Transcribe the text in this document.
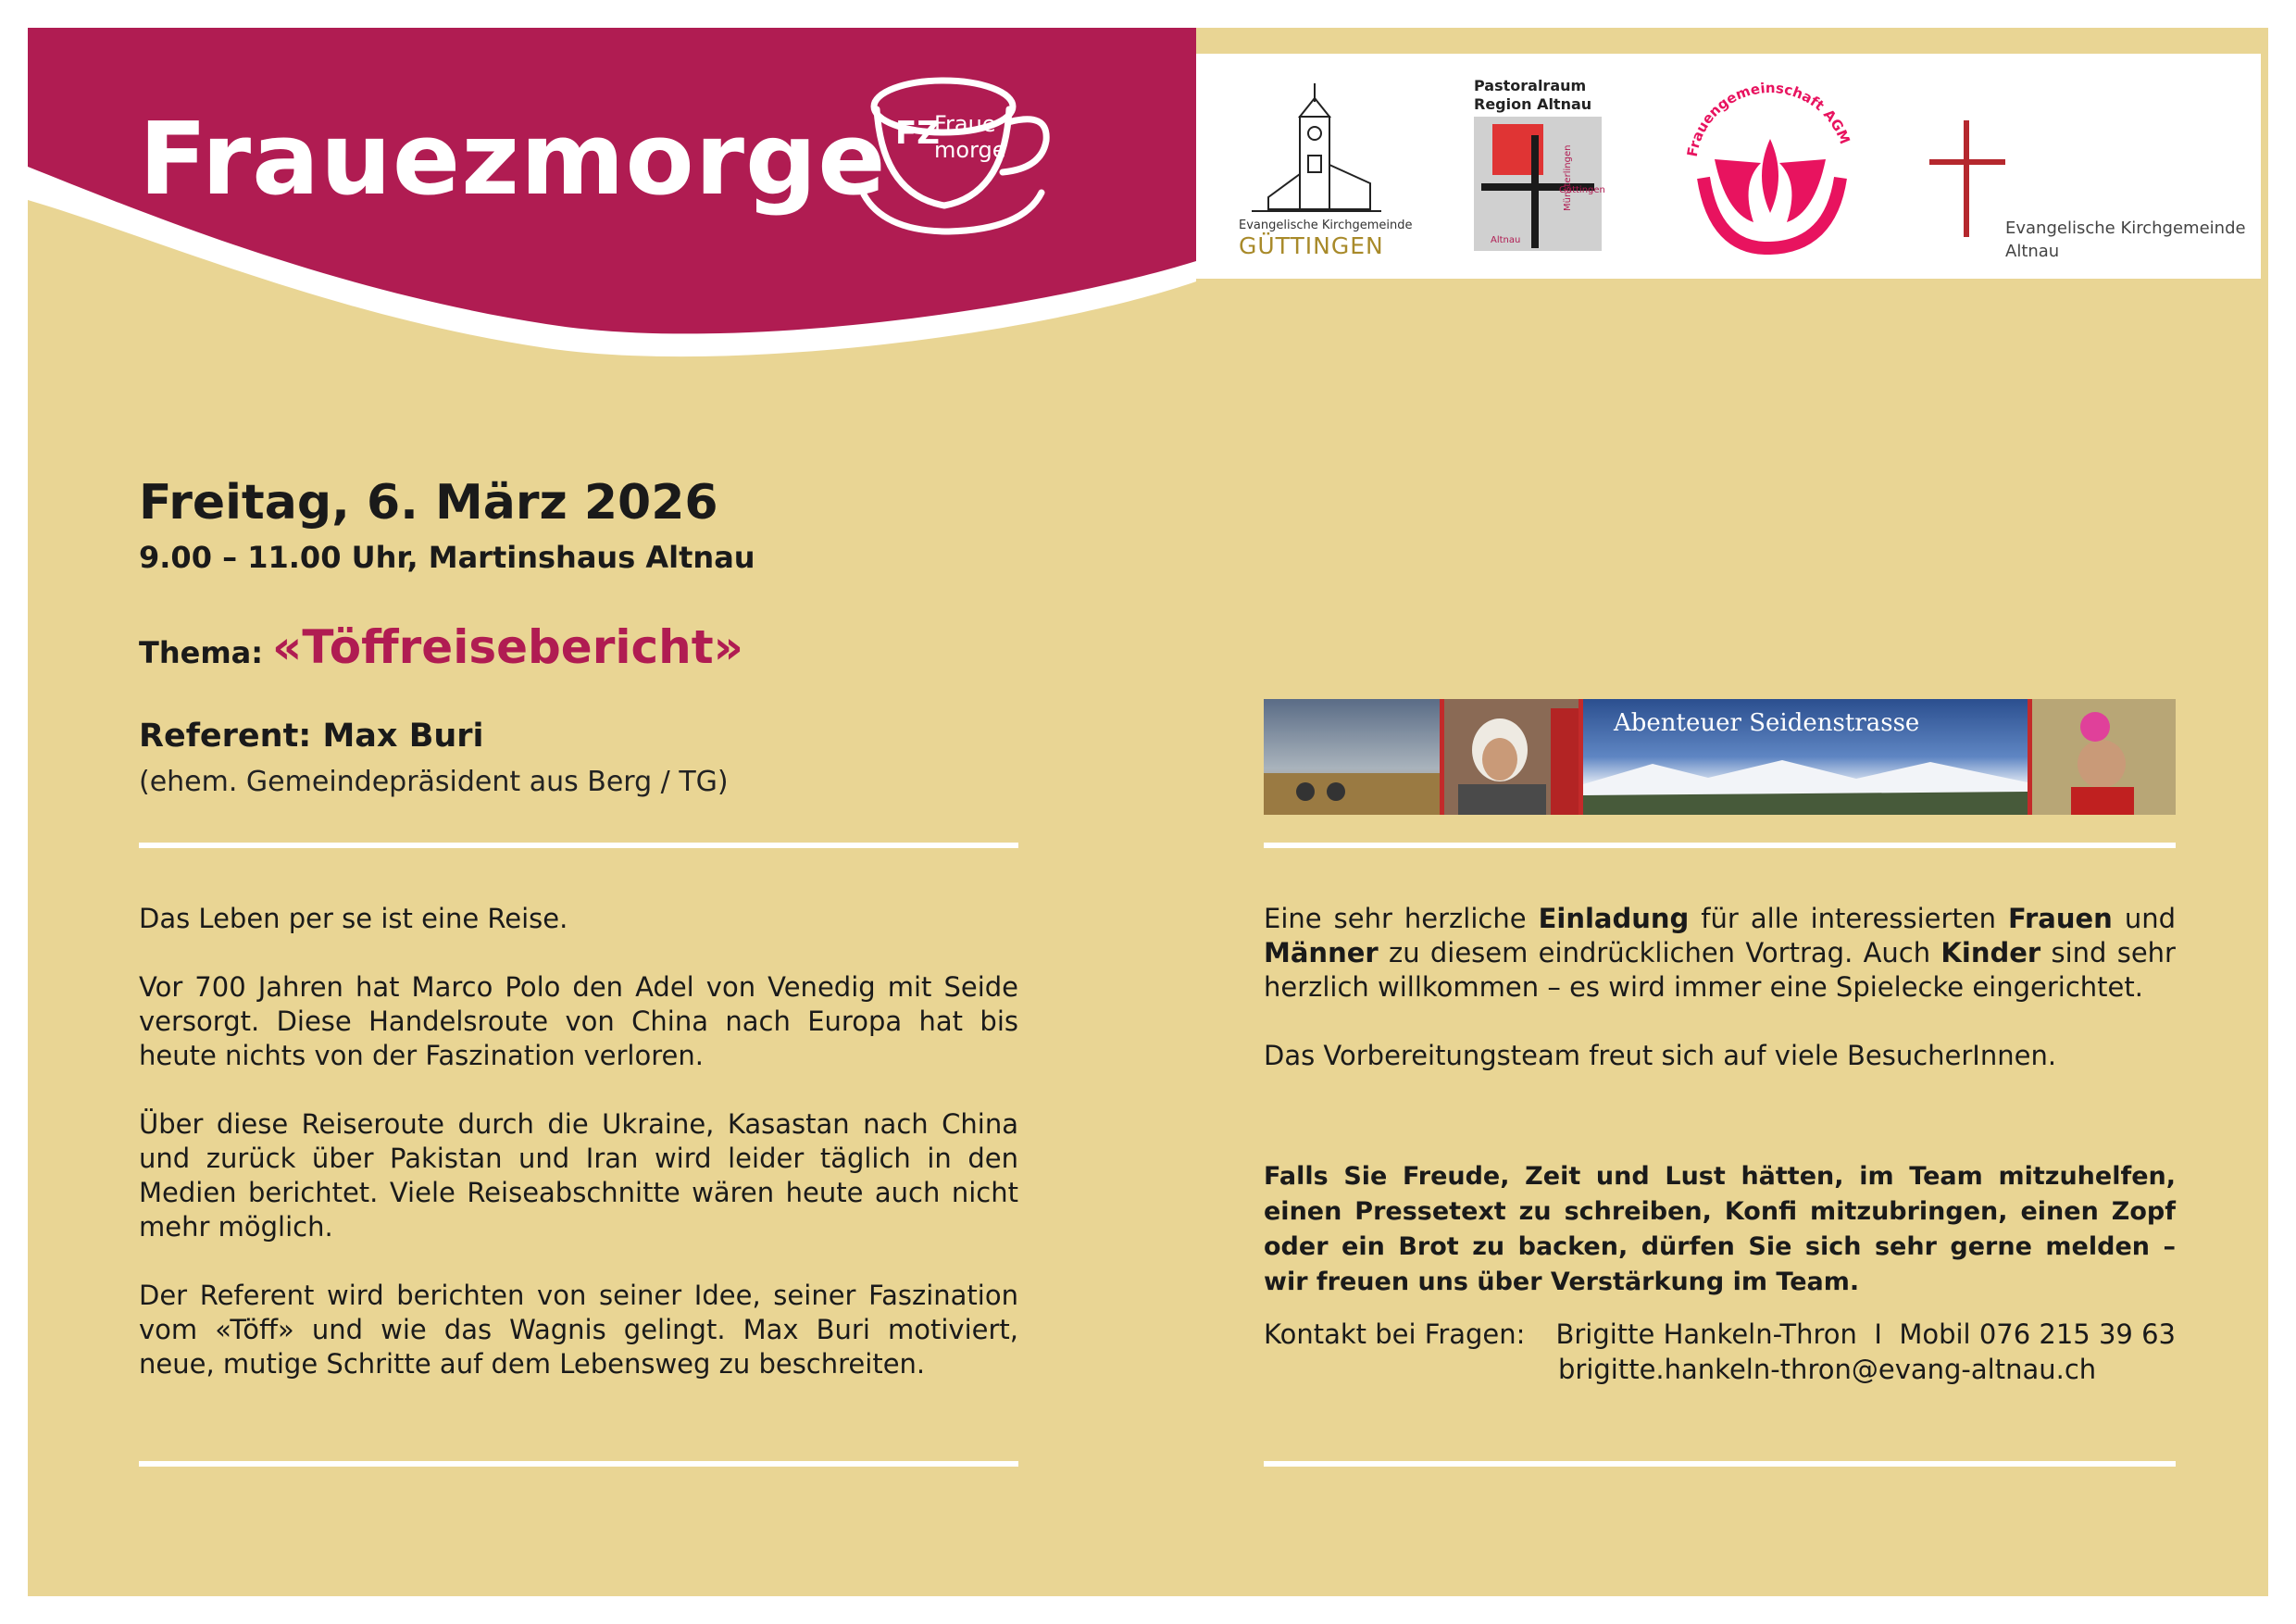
Frauezmorge FZ
Fraue
morge
Evangelische Kirchgemeinde
GÜTTINGEN
Pastoralraum
Region Altnau
Güttingen
Altnau
Münsterlingen	Frauengemeinschaft AGM
Evangelische Kirchgemeinde
Altnau
Freitag, 6. März 2026
9.00 – 11.00 Uhr, Martinshaus Altnau
Thema: «Töffreisebericht»
Referent: Max Buri
(ehem. Gemeindepräsident aus Berg / TG)
Abenteuer Seidenstrasse

Das Leben per se ist eine Reise.

Vor 700 Jahren hat Marco Polo den Adel von Venedig mit Seide versorgt. Diese Handelsroute von China nach Europa hat bis heute nichts von der Faszination verloren.

Über diese Reiseroute durch die Ukraine, Kasastan nach China und zurück über Pakistan und Iran wird leider täglich in den Medien berichtet. Viele Reiseabschnitte wären heute auch nicht mehr möglich.

Der Referent wird berichten von seiner Idee, seiner Faszination vom «Töff» und wie das Wagnis gelingt. Max Buri motiviert, neue, mutige Schritte auf dem Lebensweg zu beschreiten.

Eine sehr herzliche Einladung für alle interessierten Frauen und Männer zu diesem eindrücklichen Vortrag. Auch Kinder sind sehr herzlich willkommen – es wird immer eine Spielecke eingerichtet.

Das Vorbereitungsteam freut sich auf viele BesucherInnen.

Falls Sie Freude, Zeit und Lust hätten, im Team mitzuhelfen, einen Pressetext zu schreiben, Konfi mitzubringen, einen Zopf oder ein Brot zu backen, dürfen Sie sich sehr gerne melden – wir freuen uns über Verstärkung im Team.
Kontakt bei Fragen:	Brigitte Hankeln-Thron  I  Mobil 076 215 39 63
brigitte.hankeln-thron@evang-altnau.ch
